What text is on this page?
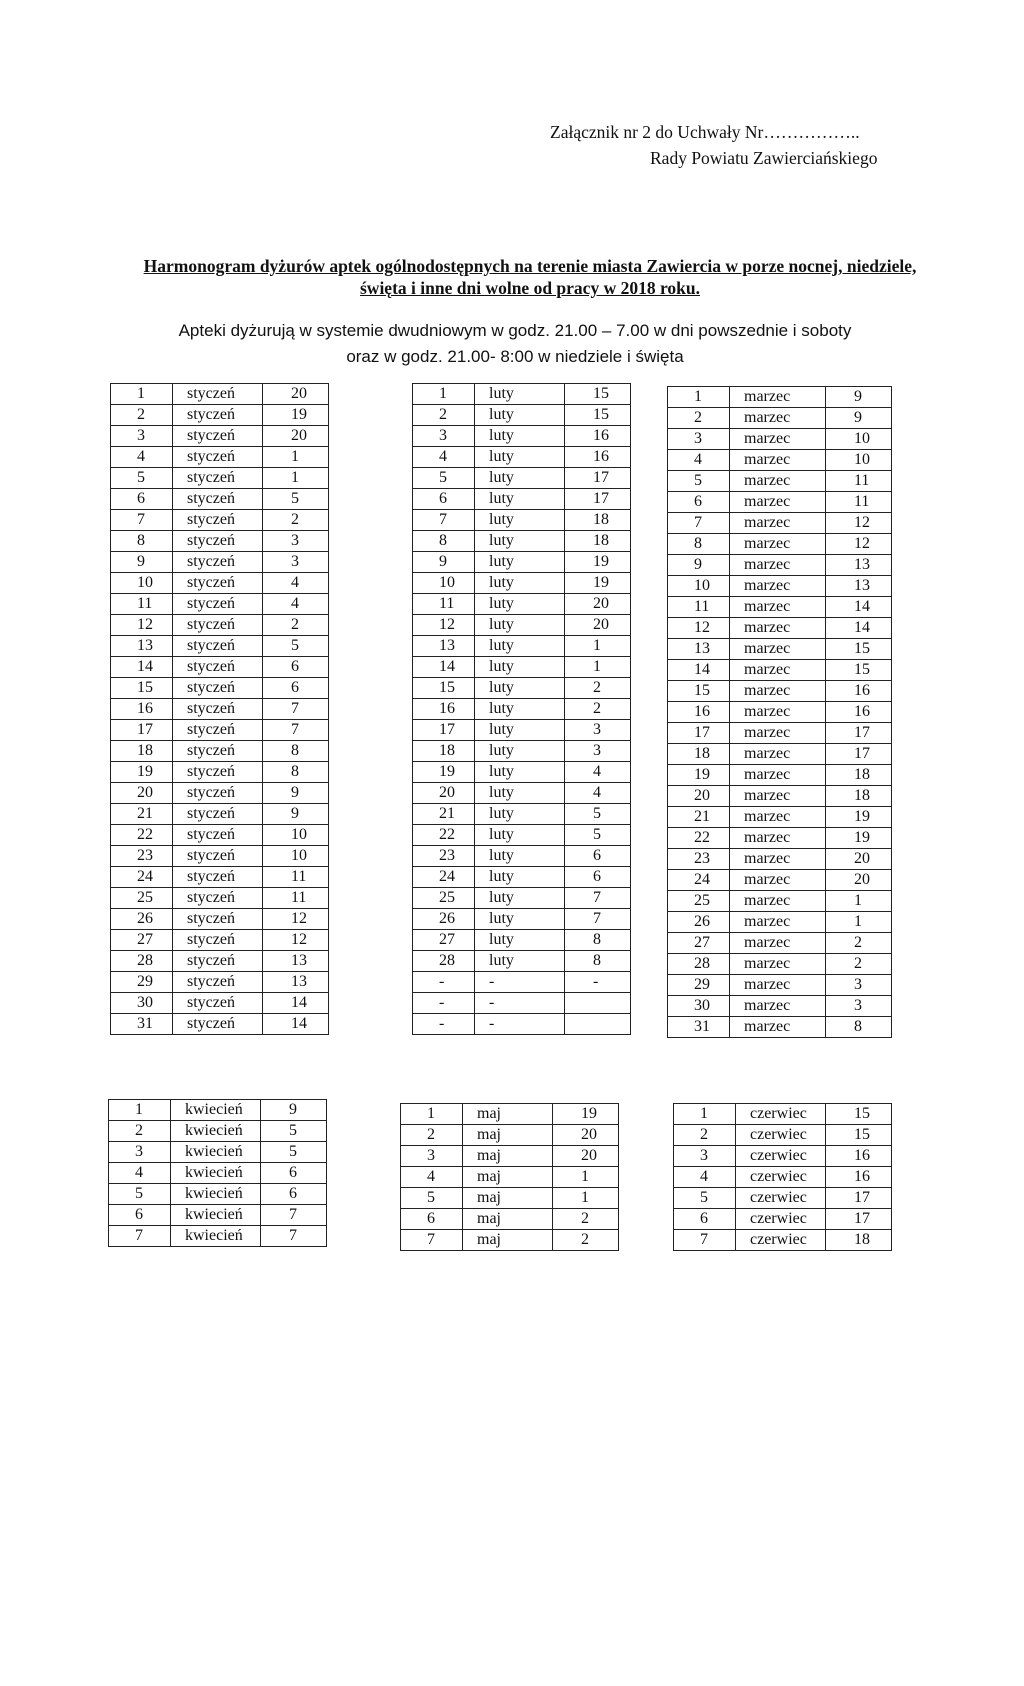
Załącznik nr 2 do Uchwały Nr……………..
Rady Powiatu Zawierciańskiego
Harmonogram dyżurów aptek ogólnodostępnych na terenie miasta Zawiercia w porze nocnej, niedziele, święta i inne dni wolne od pracy w 2018 roku.
Apteki dyżurują w systemie dwudniowym w godz. 21.00 – 7.00 w dni powszednie i soboty
oraz w godz. 21.00- 8:00 w niedziele i święta
1	styczeń	20
2	styczeń	19
3	styczeń	20
4	styczeń	1
5	styczeń	1
6	styczeń	5
7	styczeń	2
8	styczeń	3
9	styczeń	3
10	styczeń	4
11	styczeń	4
12	styczeń	2
13	styczeń	5
14	styczeń	6
15	styczeń	6
16	styczeń	7
17	styczeń	7
18	styczeń	8
19	styczeń	8
20	styczeń	9
21	styczeń	9
22	styczeń	10
23	styczeń	10
24	styczeń	11
25	styczeń	11
26	styczeń	12
27	styczeń	12
28	styczeń	13
29	styczeń	13
30	styczeń	14
31	styczeń	14
1	luty	15
2	luty	15
3	luty	16
4	luty	16
5	luty	17
6	luty	17
7	luty	18
8	luty	18
9	luty	19
10	luty	19
11	luty	20
12	luty	20
13	luty	1
14	luty	1
15	luty	2
16	luty	2
17	luty	3
18	luty	3
19	luty	4
20	luty	4
21	luty	5
22	luty	5
23	luty	6
24	luty	6
25	luty	7
26	luty	7
27	luty	8
28	luty	8
-	-	-
-	-	
-	-	
1	marzec	9
2	marzec	9
3	marzec	10
4	marzec	10
5	marzec	11
6	marzec	11
7	marzec	12
8	marzec	12
9	marzec	13
10	marzec	13
11	marzec	14
12	marzec	14
13	marzec	15
14	marzec	15
15	marzec	16
16	marzec	16
17	marzec	17
18	marzec	17
19	marzec	18
20	marzec	18
21	marzec	19
22	marzec	19
23	marzec	20
24	marzec	20
25	marzec	1
26	marzec	1
27	marzec	2
28	marzec	2
29	marzec	3
30	marzec	3
31	marzec	8
1	kwiecień	9
2	kwiecień	5
3	kwiecień	5
4	kwiecień	6
5	kwiecień	6
6	kwiecień	7
7	kwiecień	7
1	maj	19
2	maj	20
3	maj	20
4	maj	1
5	maj	1
6	maj	2
7	maj	2
1	czerwiec	15
2	czerwiec	15
3	czerwiec	16
4	czerwiec	16
5	czerwiec	17
6	czerwiec	17
7	czerwiec	18
